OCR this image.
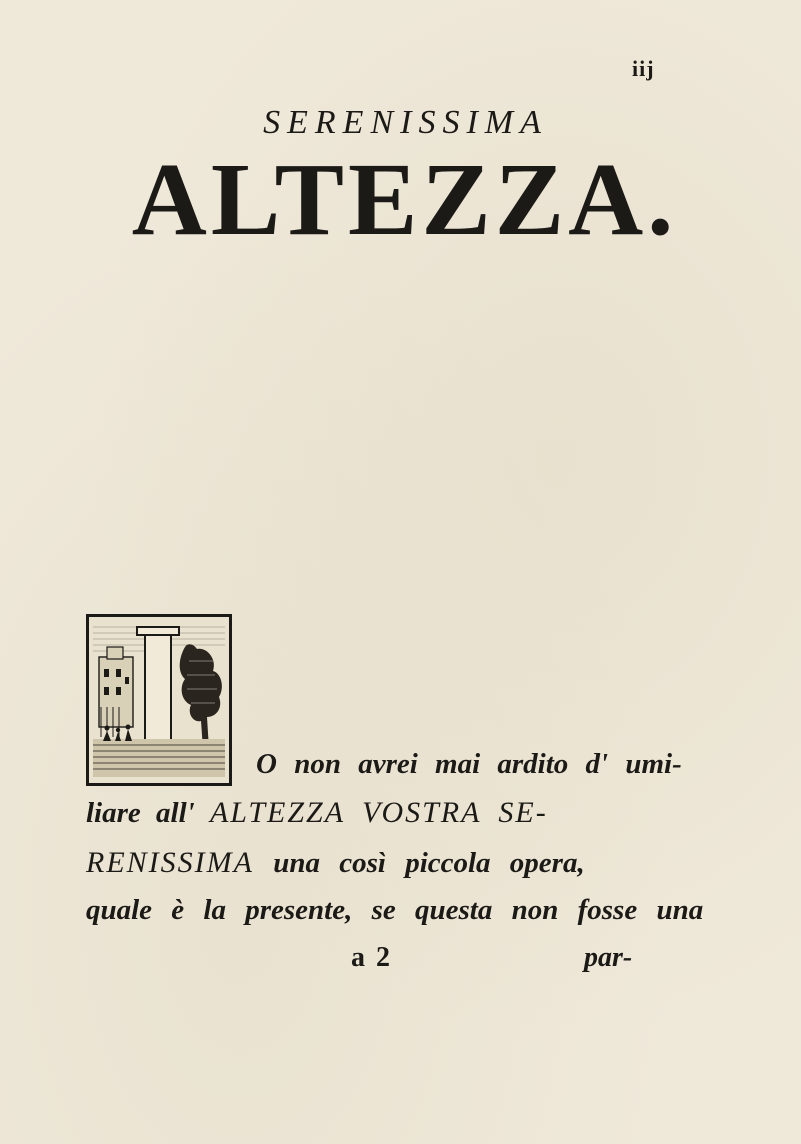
iij
SERENISSIMA
ALTEZZA.
O non avrei mai ardito d' umi-
liare all' ALTEZZA VOSTRA SE-
RENISSIMA una così piccola opera,
quale è la presente, se questa non fosse una
a 2	par-
